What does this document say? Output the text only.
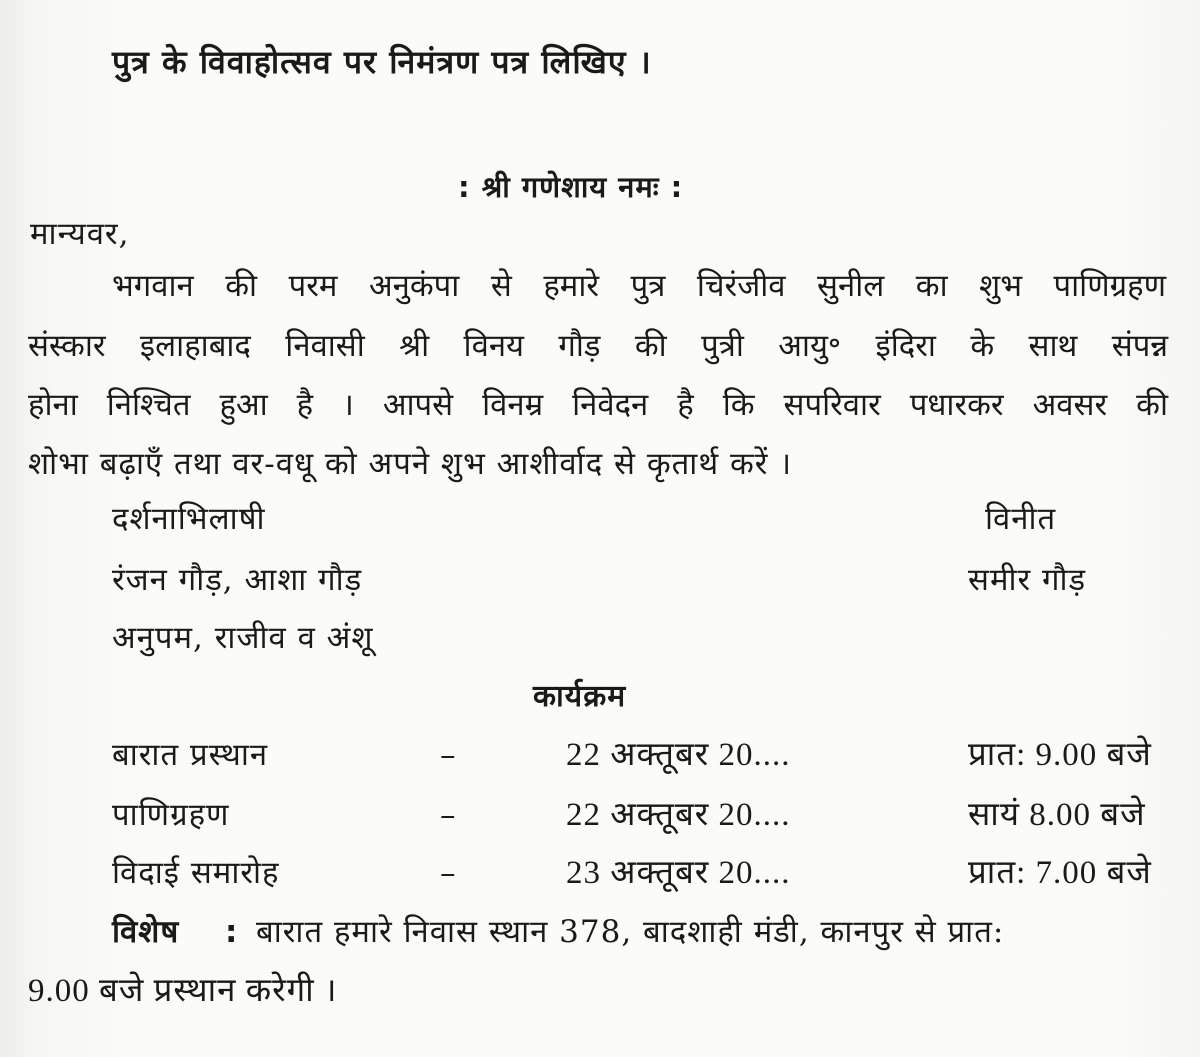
पुत्र के विवाहोत्सव पर निमंत्रण पत्र लिखिए ।
: श्री गणेशाय नमः :
मान्यवर,
भगवान की परम अनुकंपा से हमारे पुत्र चिरंजीव सुनील का शुभ पाणिग्रहण
संस्कार इलाहाबाद निवासी श्री विनय गौड़ की पुत्री आयु॰ इंदिरा के साथ संपन्न
होना निश्चित हुआ है । आपसे विनम्र निवेदन है कि सपरिवार पधारकर अवसर की
शोभा बढ़ाएँ तथा वर-वधू को अपने शुभ आशीर्वाद से कृतार्थ करें ।
दर्शनाभिलाषी	विनीत
रंजन गौड़, आशा गौड़	समीर गौड़
अनुपम, राजीव व अंशू
कार्यक्रम
बारात प्रस्थान	–	22 अक्तूबर 20....	प्रात: 9.00 बजे
पाणिग्रहण	–	22 अक्तूबर 20....	सायं 8.00 बजे
विदाई समारोह	–	23 अक्तूबर 20....	प्रात: 7.00 बजे
विशेष : बारात हमारे निवास स्थान 378, बादशाही मंडी, कानपुर से प्रात:
9.00 बजे प्रस्थान करेगी ।
